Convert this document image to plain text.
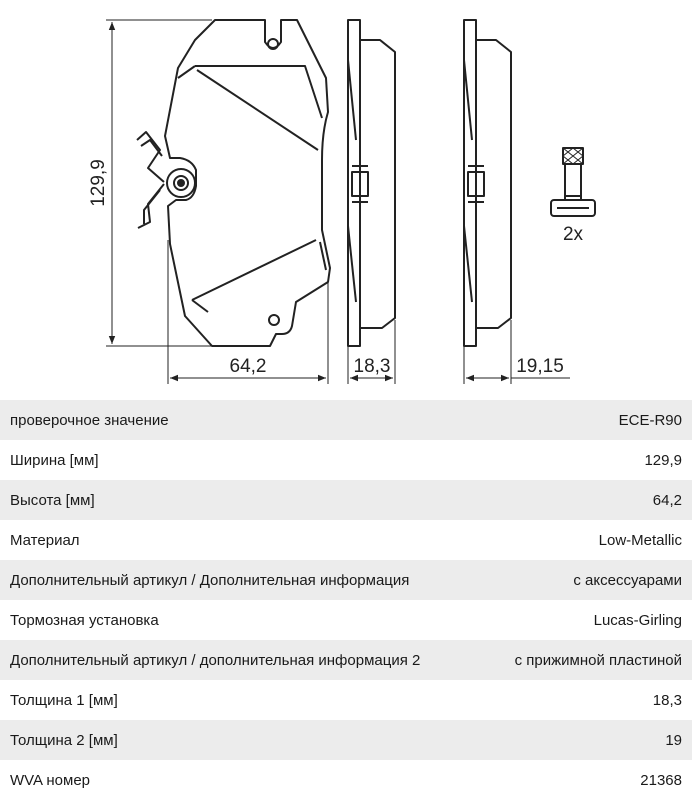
129,9
64,2	18,3	19,15
2x
проверочное значение	ECE-R90
Ширина [мм]	129,9
Высота [мм]	64,2
Материал	Low-Metallic
Дополнительный артикул / Дополнительная информация	с аксессуарами
Тормозная установка	Lucas-Girling
Дополнительный артикул / дополнительная информация 2	с прижимной пластиной
Толщина 1 [мм]	18,3
Толщина 2 [мм]	19
WVA номер	21368
